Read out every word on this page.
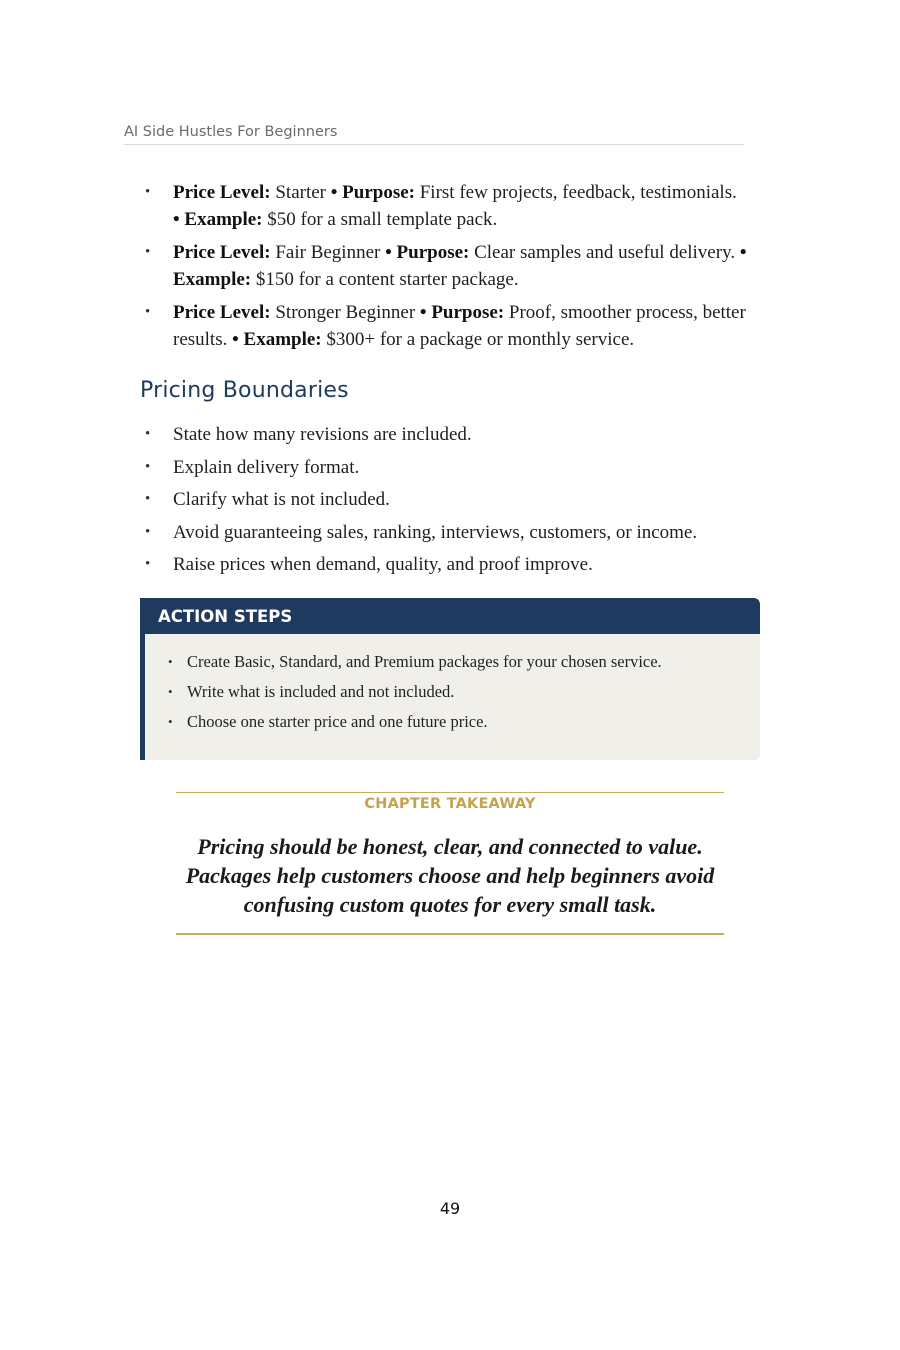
AI Side Hustles For Beginners
• Price Level: Starter • Purpose: First few projects, feedback, testimonials.
• Example: $50 for a small template pack.
• Price Level: Fair Beginner • Purpose: Clear samples and useful delivery. •
Example: $150 for a content starter package.
• Price Level: Stronger Beginner • Purpose: Proof, smoother process, better results. • Example: $300+ for a package or monthly service.
Pricing Boundaries
• State how many revisions are included.
• Explain delivery format.
• Clarify what is not included.
• Avoid guaranteeing sales, ranking, interviews, customers, or income.
• Raise prices when demand, quality, and proof improve.
ACTION STEPS
• Create Basic, Standard, and Premium packages for your chosen service.
• Write what is included and not included.
• Choose one starter price and one future price.
CHAPTER TAKEAWAY
Pricing should be honest, clear, and connected to value. Packages help customers choose and help beginners avoid confusing custom quotes for every small task.
49
